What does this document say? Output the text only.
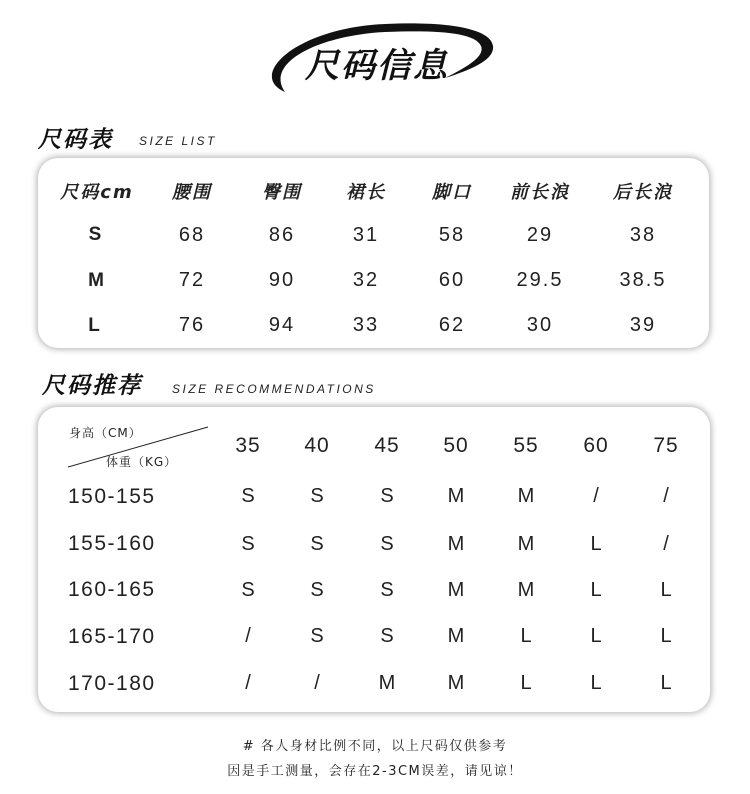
尺码信息
尺码表 SIZE LIST
尺码cm 腰围	臀围 裙长	脚口 前长浪 后长浪
S	68	86	31	58	29	38
M	72	90	32	60	29.5	38.5
L	76	94	33	62	30	39
尺码推荐	SIZE RECOMMENDATIONS
身高（CM）
体重（KG）
35 40 45 50 55 60 75
150-155	S	S	S	M	M	/	/
155-160	S	S	S	M	M	L	/
160-165	S	S	S	M	M	L	L
165-170	/	S	S	M	L	L	L
170-180	/	/	M	M	L	L	L
# 各人身材比例不同，以上尺码仅供参考
因是手工测量，会存在2-3CM误差，请见谅！
